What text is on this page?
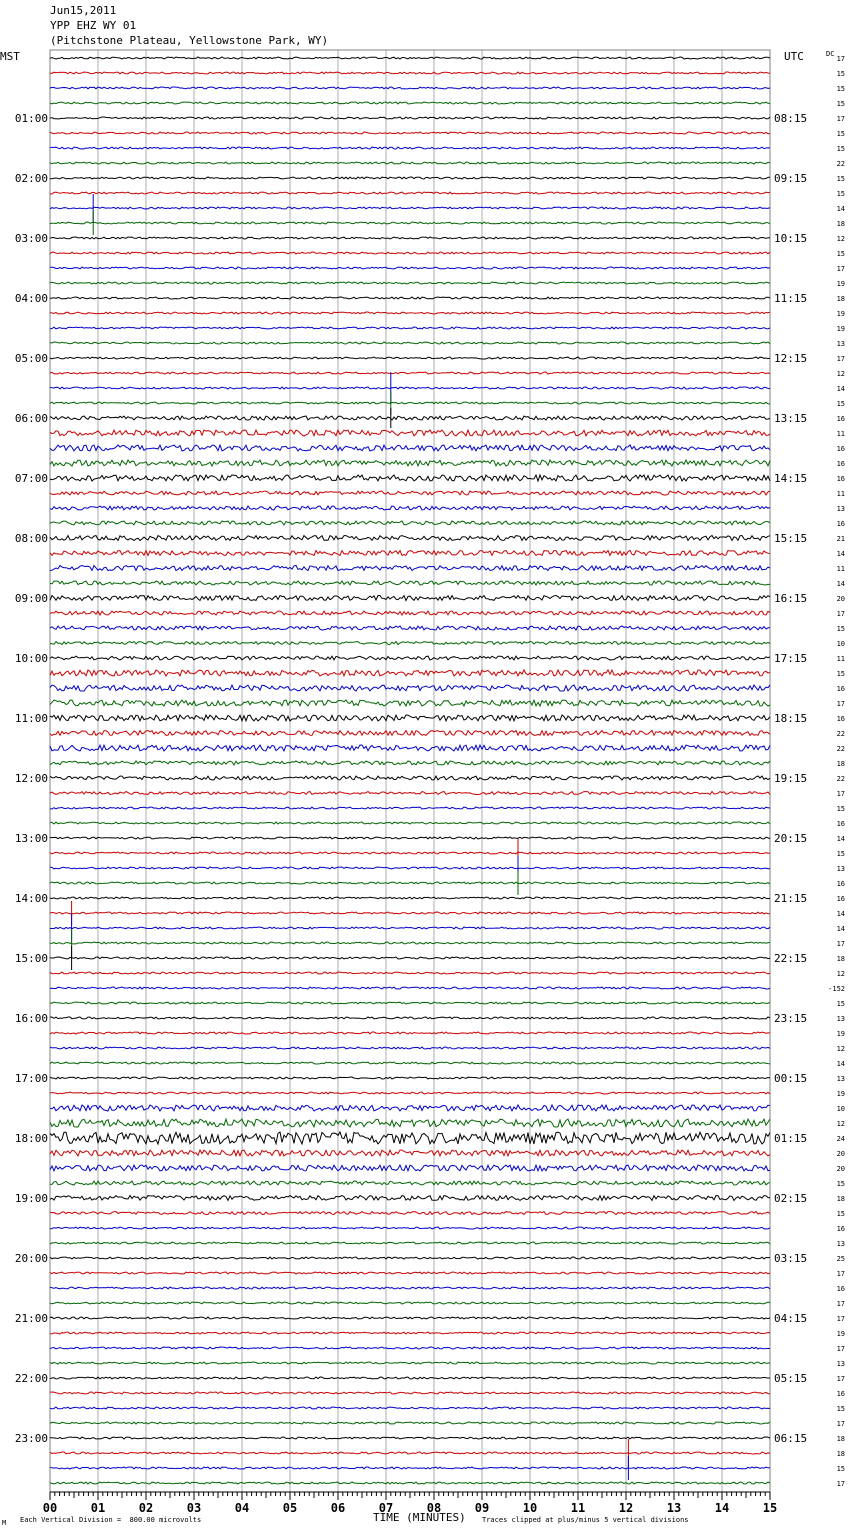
Jun15,2011
YPP EHZ WY 01
(Pitchstone Plateau, Yellowstone Park, WY)
MST	UTC	DC
00	01	02	03	04	05	06	07	08	09	10	11	12	13	14	15
01:00
02:00
03:00
04:00
05:00
06:00
07:00
08:00
09:00
10:00
11:00
12:00
13:00
14:00
15:00
16:00
17:00
18:00
19:00
20:00
21:00
22:00
23:00
08:15
09:15
10:15
11:15
12:15
13:15
14:15
15:15
16:15
17:15
18:15
19:15
20:15
21:15
22:15
23:15
00:15
01:15
02:15
03:15
04:15
05:15
06:15
17
15
15
15
17
15
15
22
15
15
14
18
12
15
17
19
18
19
19
13
17
12
14
15
16
11
16
16
16
11
13
16
21
14
11
14
20
17
15
10
11
15
16
17
16
22
22
18
22
17
15
16
14
15
13
16
16
14
14
17
18
12
-152
15
13
19
12
14
13
19
10
12
24
20
20
15
18
15
16
13
25
17
16
17
17
19
17
13
17
16
15
17
18
18
15
17
TIME (MINUTES)
Each Vertical Division =  800.00 microvolts	Traces clipped at plus/minus 5 vertical divisions
M
